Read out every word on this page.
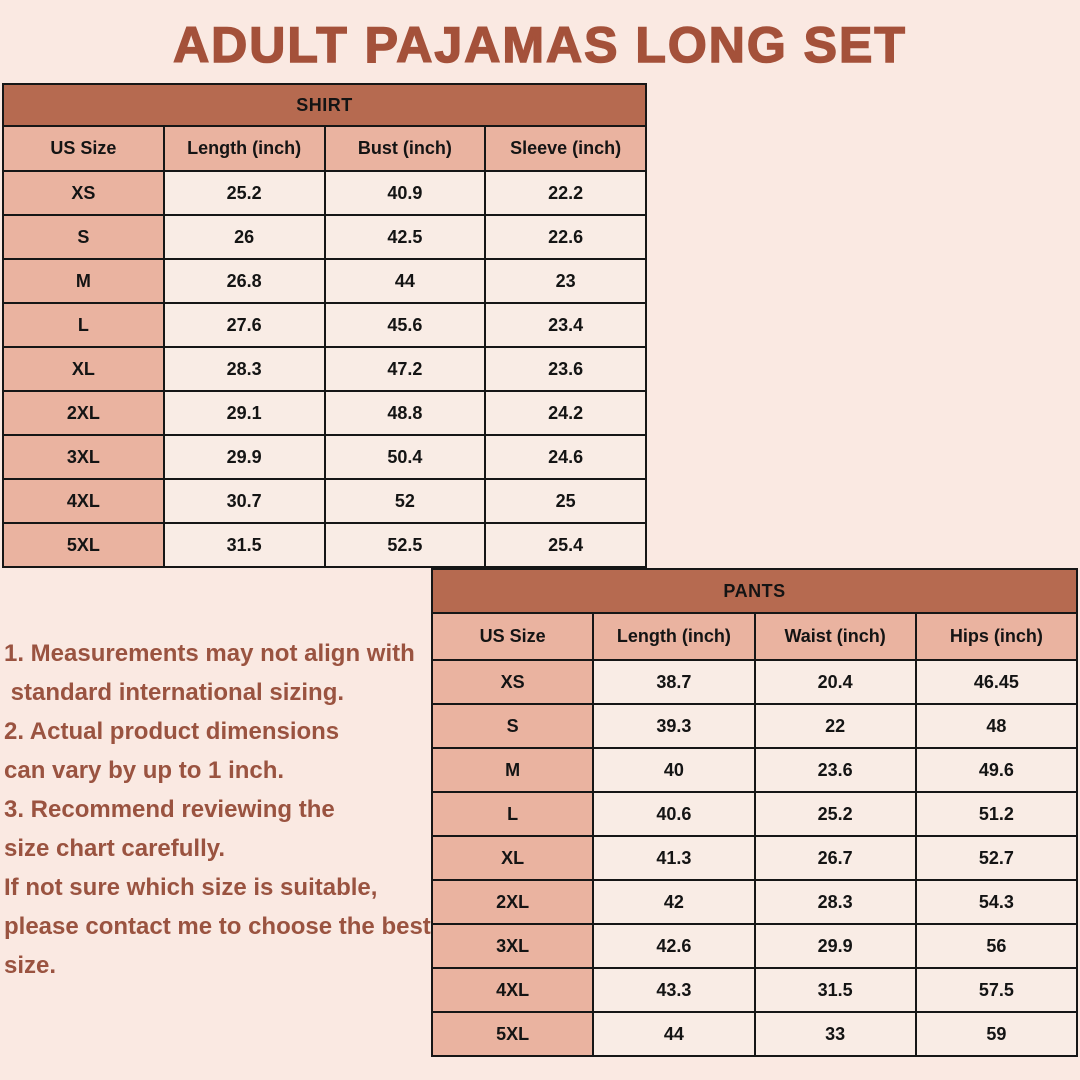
ADULT PAJAMAS LONG SET
SHIRT			
US Size	Length (inch)	Bust (inch)	Sleeve (inch)
XS	25.2	40.9	22.2
S	26	42.5	22.6
M	26.8	44	23
L	27.6	45.6	23.4
XL	28.3	47.2	23.6
2XL	29.1	48.8	24.2
3XL	29.9	50.4	24.6
4XL	30.7	52	25
5XL	31.5	52.5	25.4
PANTS			
US Size	Length (inch)	Waist (inch)	Hips (inch)
XS	38.7	20.4	46.45
S	39.3	22	48
M	40	23.6	49.6
L	40.6	25.2	51.2
XL	41.3	26.7	52.7
2XL	42	28.3	54.3
3XL	42.6	29.9	56
4XL	43.3	31.5	57.5
5XL	44	33	59
1. Measurements may not align with
standard international sizing.
2. Actual product dimensions
can vary by up to 1 inch.
3. Recommend reviewing the
size chart carefully.
If not sure which size is suitable,
please contact me to choose the best size.
